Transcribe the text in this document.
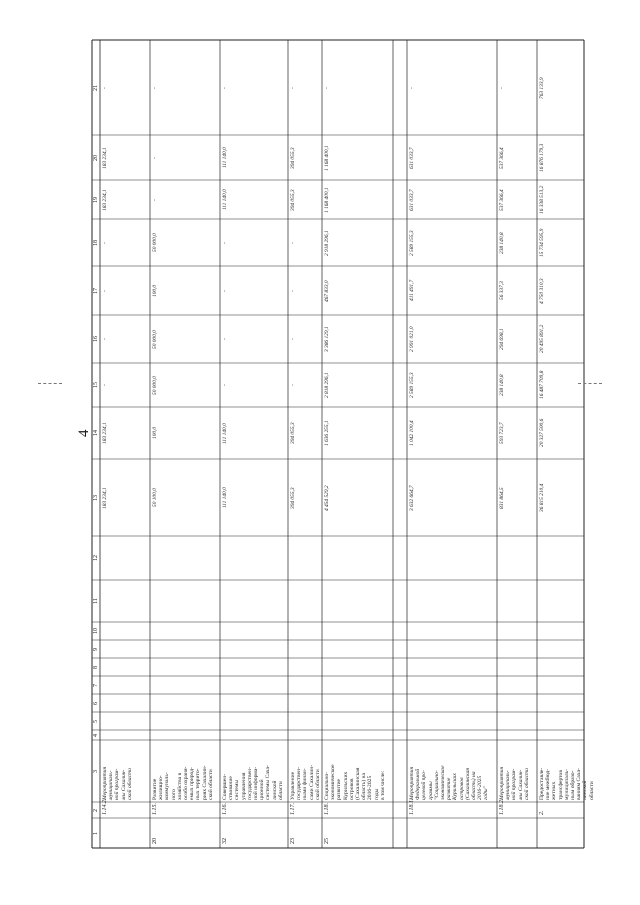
4
1
2
3
4
5
6
7
8
9
10
11
12
13
14
15
16
17
18
19
20
21
1.14.2.
Мероприятия
муниципаль-
ной програм-
мы Сахалин-
ской области
183 234,1
183 234,1
-
-
-
-
183 234,1
183 234,1
-
20
1.15.
Развитие
жилищно-
коммуналь-
ного
хозяйства в
особо охраня-
емых природ-
ных террито-
риях Сахалин-
ской области
50 100,0
100,0
50 000,0
50 000,0
100,0
50 000,0
-
-
-
32
1.16.
Совершен-
ствование
системы
управления
государствен-
ной информа-
ционной
системы Саха-
линской
области
111 140,0
111 140,0
-
-
-
-
111 140,0
111 140,0
-
23
1.17.
Управление
государствен-
ными финан-
сами Сахалин-
ской области
394 055,3
394 055,3
-
-
-
-
394 055,3
394 055,3
-
25
1.18.
Социально-
экономическое
развитие
Курильских
островов
(Сахалинская
область) на
2016-2025
годы
в том числе:
4 454 529,2
1 636 255,1
2 818 296,1
3 386 129,1
467 833,0
2 918 296,1
1 168 400,1
1 168 400,1
-
1.18.1.
Мероприятия
Федеральной
целевой про-
граммы
"Социально-
экономическое
развитие
Курильских
островов
(Сахалинская
область) на
2016-2025
годы"
3 632 664,7
1 042 100,4
2 589 155,3
2 991 021,0
411 491,7
2 589 155,3
631 033,7
631 033,7
-
1.18.2.
Мероприятия
муниципаль-
ной програм-
мы Сахалин-
ской области
831 864,5
593 723,7
238 140,8
294 698,1
56 337,3
238 140,8
537 366,4
537 366,4
-
2.
Предоставле-
ние межбюд-
жетных
трансфертов
муниципаль-
ным образо-
ваниям Саха-
линской
области
36 815 210,4
20 327 500,6
16 487 709,8
20 495 891,2
4 750 310,3
15 734 595,9
16 338 513,2
16 876 179,3
763 133,9
